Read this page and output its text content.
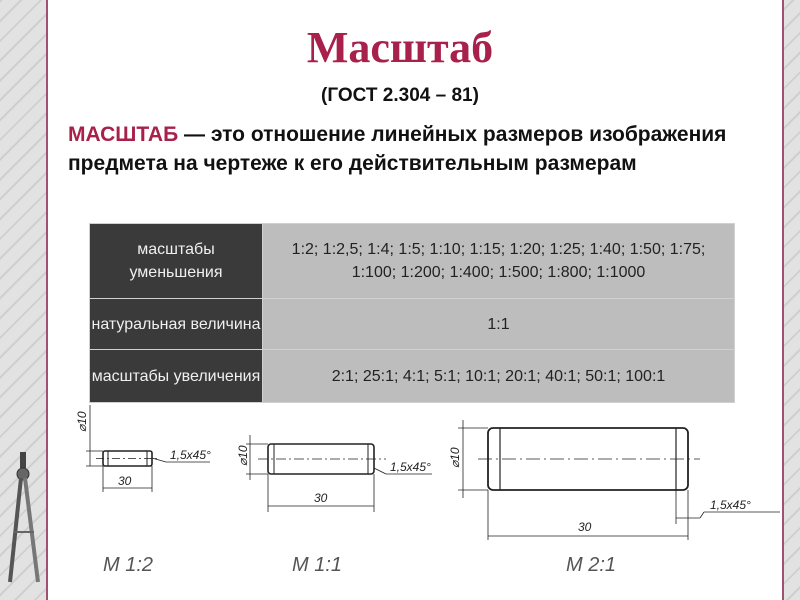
Масштаб
(ГОСТ 2.304 – 81)
МАСШТАБ — это отношение линейных размеров изображения предмета на чертеже к его действительным размерам
масштабы уменьшения	1:2; 1:2,5; 1:4; 1:5; 1:10; 1:15; 1:20; 1:25; 1:40; 1:50; 1:75; 1:100; 1:200; 1:400; 1:500; 1:800; 1:1000
натуральная величина	1:1
масштабы увеличения	2:1; 25:1; 4:1; 5:1; 10:1; 20:1; 40:1; 50:1; 100:1
⌀10
30
1,5x45°
М 1:2
⌀10
30
1,5x45°
М 1:1
⌀10
30
1,5x45°
М 2:1
